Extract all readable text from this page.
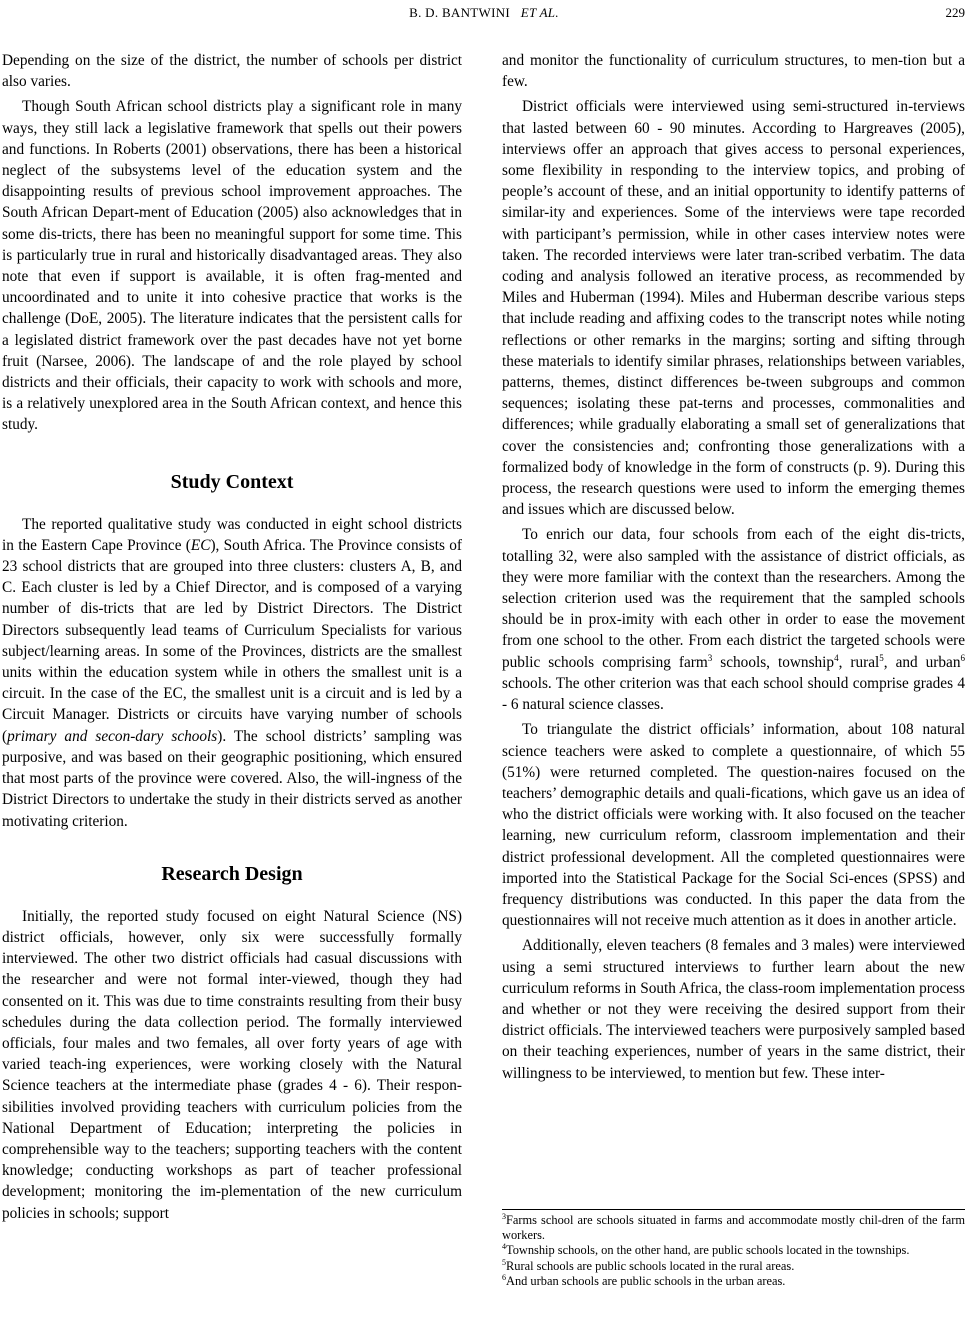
B. D. BANTWINI ET AL.	229

Depending on the size of the district, the number of schools per district also varies.

Though South African school districts play a significant role in many ways, they still lack a legislative framework that spells out their powers and functions. In Roberts (2001) observations, there has been a historical neglect of the subsystems level of the education system and the disappointing results of previous school improvement approaches. The South African Depart-ment of Education (2005) also acknowledges that in some dis-tricts, there has been no meaningful support for some time. This is particularly true in rural and historically disadvantaged areas. They also note that even if support is available, it is often frag-mented and uncoordinated and to unite it into cohesive practice that works is the challenge (DoE, 2005). The literature indicates that the persistent calls for a legislated district framework over the past decades have not yet borne fruit (Narsee, 2006). The landscape of and the role played by school districts and their officials, their capacity to work with schools and more, is a relatively unexplored area in the South African context, and hence this study.

Study Context

The reported qualitative study was conducted in eight school districts in the Eastern Cape Province (EC), South Africa. The Province consists of 23 school districts that are grouped into three clusters: clusters A, B, and C. Each cluster is led by a Chief Director, and is composed of a varying number of dis-tricts that are led by District Directors. The District Directors subsequently lead teams of Curriculum Specialists for various subject/learning areas. In some of the Provinces, districts are the smallest units within the education system while in others the smallest unit is a circuit. In the case of the EC, the smallest unit is a circuit and is led by a Circuit Manager. Districts or circuits have varying number of schools (primary and secon-dary schools). The school districts’ sampling was purposive, and was based on their geographic positioning, which ensured that most parts of the province were covered. Also, the will-ingness of the District Directors to undertake the study in their districts served as another motivating criterion.

Research Design

Initially, the reported study focused on eight Natural Science (NS) district officials, however, only six were successfully formally interviewed. The other two district officials had casual discussions with the researcher and were not formal inter-viewed, though they had consented on it. This was due to time constraints resulting from their busy schedules during the data collection period. The formally interviewed officials, four males and two females, all over forty years of age with varied teach-ing experiences, were working closely with the Natural Science teachers at the intermediate phase (grades 4 - 6). Their respon-sibilities involved providing teachers with curriculum policies from the National Department of Education; interpreting the policies in comprehensible way to the teachers; supporting teachers with the content knowledge; conducting workshops as part of teacher professional development; monitoring the im-plementation of the new curriculum policies in schools; support

and monitor the functionality of curriculum structures, to men-tion but a few.

District officials were interviewed using semi-structured in-terviews that lasted between 60 - 90 minutes. According to Hargreaves (2005), interviews offer an approach that gives access to personal experiences, some flexibility in responding to the interview topics, and probing of people’s account of these, and an initial opportunity to identify patterns of similar-ity and experiences. Some of the interviews were tape recorded with participant’s permission, while in other cases interview notes were taken. The recorded interviews were later tran-scribed verbatim. The data coding and analysis followed an iterative process, as recommended by Miles and Huberman (1994). Miles and Huberman describe various steps that include reading and affixing codes to the transcript notes while noting reflections or other remarks in the margins; sorting and sifting through these materials to identify similar phrases, relationships between variables, patterns, themes, distinct differences be-tween subgroups and common sequences; isolating these pat-terns and processes, commonalities and differences; while gradually elaborating a small set of generalizations that cover the consistencies and; confronting those generalizations with a formalized body of knowledge in the form of constructs (p. 9). During this process, the research questions were used to inform the emerging themes and issues which are discussed below.

To enrich our data, four schools from each of the eight dis-tricts, totalling 32, were also sampled with the assistance of district officials, as they were more familiar with the context than the researchers. Among the selection criterion used was the requirement that the sampled schools should be in prox-imity with each other in order to ease the movement from one school to the other. From each district the targeted schools were public schools comprising farm$^3$ schools, township$^4$, rural$^5$, and urban$^6$ schools. The other criterion was that each school should comprise grades 4 - 6 natural science classes.

To triangulate the district officials’ information, about 108 natural science teachers were asked to complete a questionnaire, of which 55 (51%) were returned completed. The question-naires focused on the teachers’ demographic details and quali-fications, which gave us an idea of who the district officials were working with. It also focused on the teacher learning, new curriculum reform, classroom implementation and their district professional development. All the completed questionnaires were imported into the Statistical Package for the Social Sci-ences (SPSS) and frequency distributions was conducted. In this paper the data from the questionnaires will not receive much attention as it does in another article.

Additionally, eleven teachers (8 females and 3 males) were interviewed using a semi structured interviews to further learn about the new curriculum reforms in South Africa, the class-room implementation process and whether or not they were receiving the desired support from their district officials. The interviewed teachers were purposively sampled based on their teaching experiences, number of years in the same district, their willingness to be interviewed, to mention but few. These inter-

$^3$Farms school are schools situated in farms and accommodate mostly chil-dren of the farm workers.

$^4$Township schools, on the other hand, are public schools located in the townships.

$^5$Rural schools are public schools located in the rural areas.

$^6$And urban schools are public schools in the urban areas.
